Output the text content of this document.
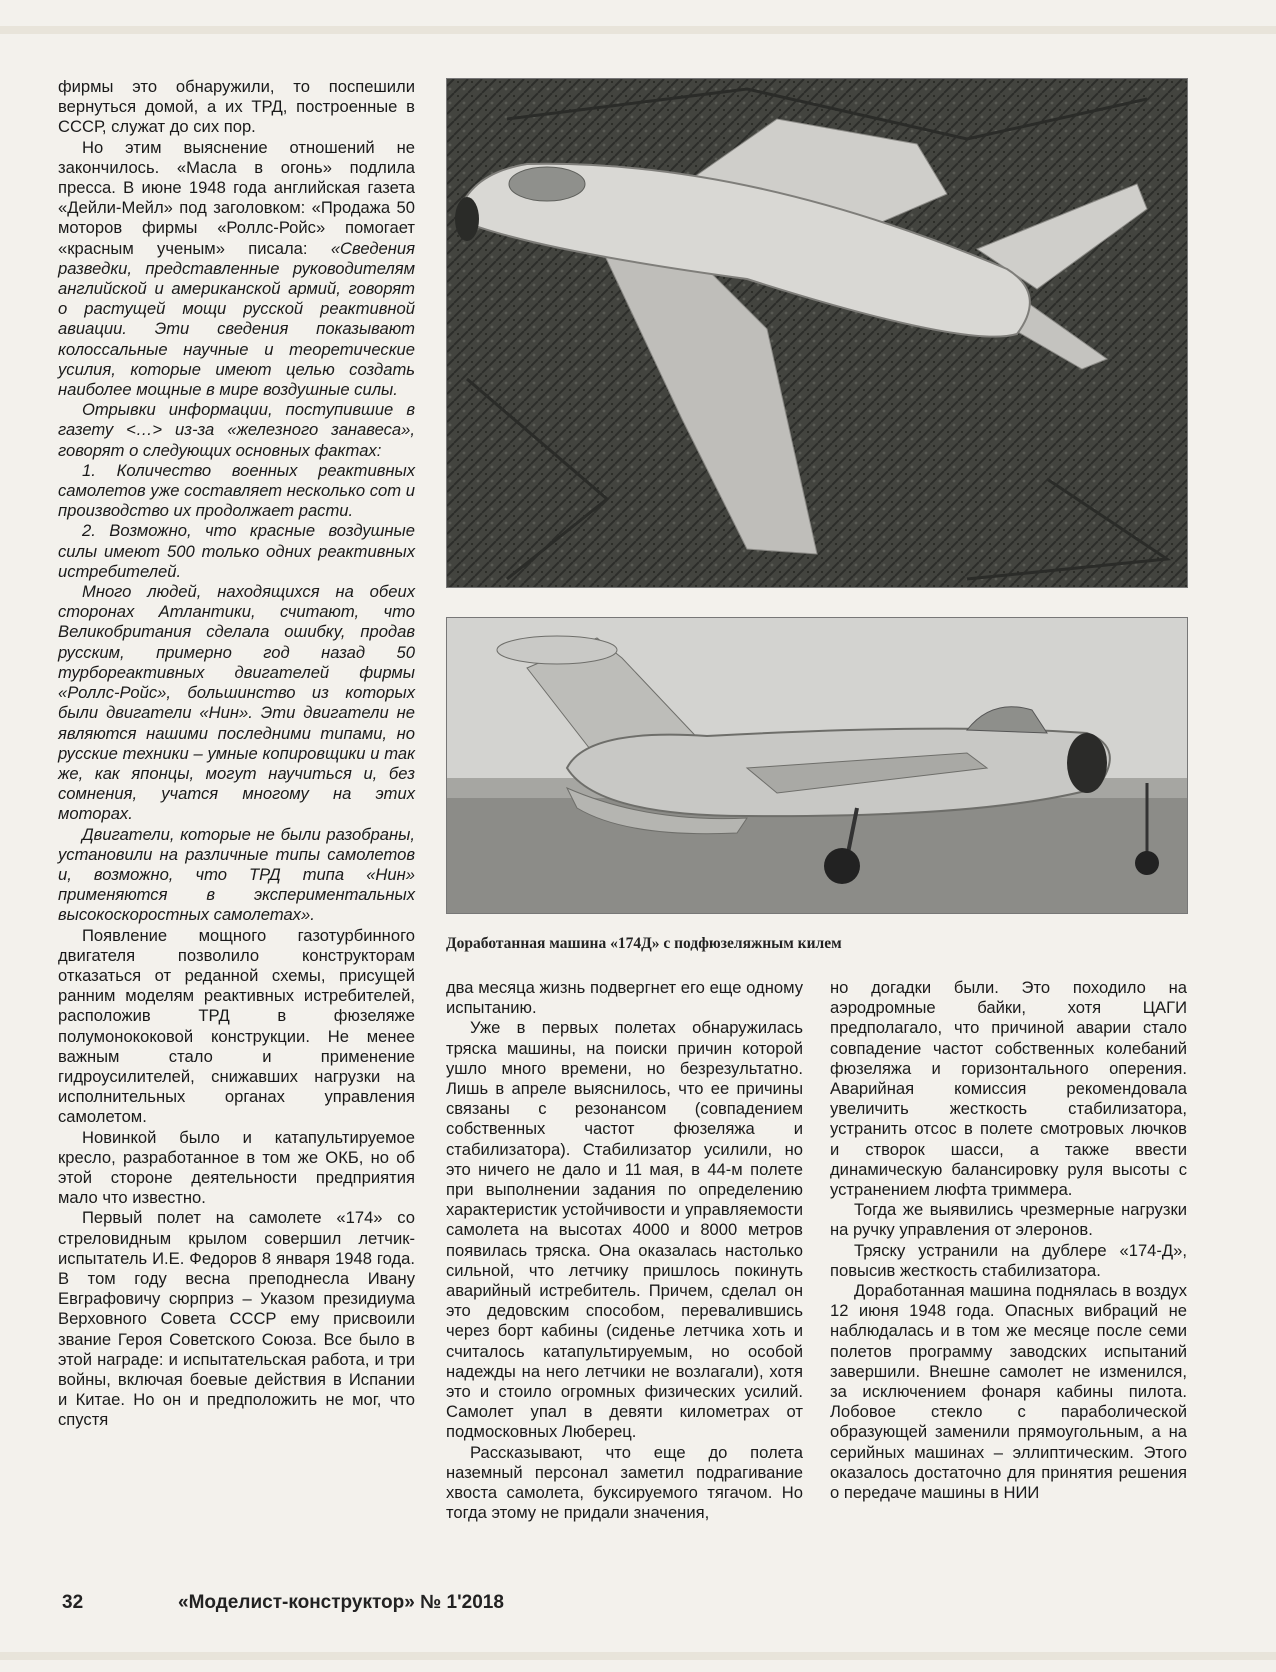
фирмы это обнаружили, то поспешили вернуться домой, а их ТРД, построенные в СССР, служат до сих пор.

Но этим выяснение отношений не закончилось. «Масла в огонь» подлила пресса. В июне 1948 года английская газета «Дейли-Мейл» под заголовком: «Продажа 50 моторов фирмы «Роллс-Ройс» помогает «красным ученым» писала: «Сведения разведки, представленные руководителям английской и американской армий, говорят о растущей мощи русской реактивной авиации. Эти сведения показывают колоссальные научные и теоретические усилия, которые имеют целью создать наиболее мощные в мире воздушные силы.

Отрывки информации, поступившие в газету <…> из-за «железного занавеса», говорят о следующих основных фактах:

1. Количество военных реактивных самолетов уже составляет несколько сот и производство их продолжает расти.

2. Возможно, что красные воздушные силы имеют 500 только одних реактивных истребителей.

Много людей, находящихся на обеих сторонах Атлантики, считают, что Великобритания сделала ошибку, продав русским, примерно год назад 50 турбореактивных двигателей фирмы «Роллс-Ройс», большинство из которых были двигатели «Нин». Эти двигатели не являются нашими последними типами, но русские техники – умные копировщики и так же, как японцы, могут научиться и, без сомнения, учатся многому на этих моторах.

Двигатели, которые не были разобраны, установили на различные типы самолетов и, возможно, что ТРД типа «Нин» применяются в экспериментальных высокоскоростных самолетах».

Появление мощного газотурбинного двигателя позволило конструкторам отказаться от реданной схемы, присущей ранним моделям реактивных истребителей, расположив ТРД в фюзеляже полумонококовой конструкции. Не менее важным стало и применение гидроусилителей, снижавших нагрузки на исполнительных органах управления самолетом.

Новинкой было и катапультируемое кресло, разработанное в том же ОКБ, но об этой стороне деятельности предприятия мало что известно.

Первый полет на самолете «174» со стреловидным крылом совершил летчик-испытатель И.Е. Федоров 8 января 1948 года. В том году весна преподнесла Ивану Евграфовичу сюрприз – Указом президиума Верховного Совета СССР ему присвоили звание Героя Советского Союза. Все было в этой награде: и испытательская работа, и три войны, включая боевые действия в Испании и Китае. Но он и предположить не мог, что спустя

Доработанная машина «174Д» с подфюзеляжным килем

два месяца жизнь подвергнет его еще одному испытанию.

Уже в первых полетах обнаружилась тряска машины, на поиски причин которой ушло много времени, но безрезультатно. Лишь в апреле выяснилось, что ее причины связаны с резонансом (совпадением собственных частот фюзеляжа и стабилизатора). Стабилизатор усилили, но это ничего не дало и 11 мая, в 44-м полете при выполнении задания по определению характеристик устойчивости и управляемости самолета на высотах 4000 и 8000 метров появилась тряска. Она оказалась настолько сильной, что летчику пришлось покинуть аварийный истребитель. Причем, сделал он это дедовским способом, перевалившись через борт кабины (сиденье летчика хоть и считалось катапультируемым, но особой надежды на него летчики не возлагали), хотя это и стоило огромных физических усилий. Самолет упал в девяти километрах от подмосковных Люберец.

Рассказывают, что еще до полета наземный персонал заметил подрагивание хвоста самолета, буксируемого тягачом. Но тогда этому не придали значения,

но догадки были. Это походило на аэродромные байки, хотя ЦАГИ предполагало, что причиной аварии стало совпадение частот собственных колебаний фюзеляжа и горизонтального оперения. Аварийная комиссия рекомендовала увеличить жесткость стабилизатора, устранить отсос в полете смотровых лючков и створок шасси, а также ввести динамическую балансировку руля высоты с устранением люфта триммера.

Тогда же выявились чрезмерные нагрузки на ручку управления от элеронов.

Тряску устранили на дублере «174-Д», повысив жесткость стабилизатора.

Доработанная машина поднялась в воздух 12 июня 1948 года. Опасных вибраций не наблюдалась и в том же месяце после семи полетов программу заводских испытаний завершили. Внешне самолет не изменился, за исключением фонаря кабины пилота. Лобовое стекло с параболической образующей заменили прямоугольным, а на серийных машинах – эллиптическим. Этого оказалось достаточно для принятия решения о передаче машины в НИИ

32	«Моделист-конструктор» № 1'2018
